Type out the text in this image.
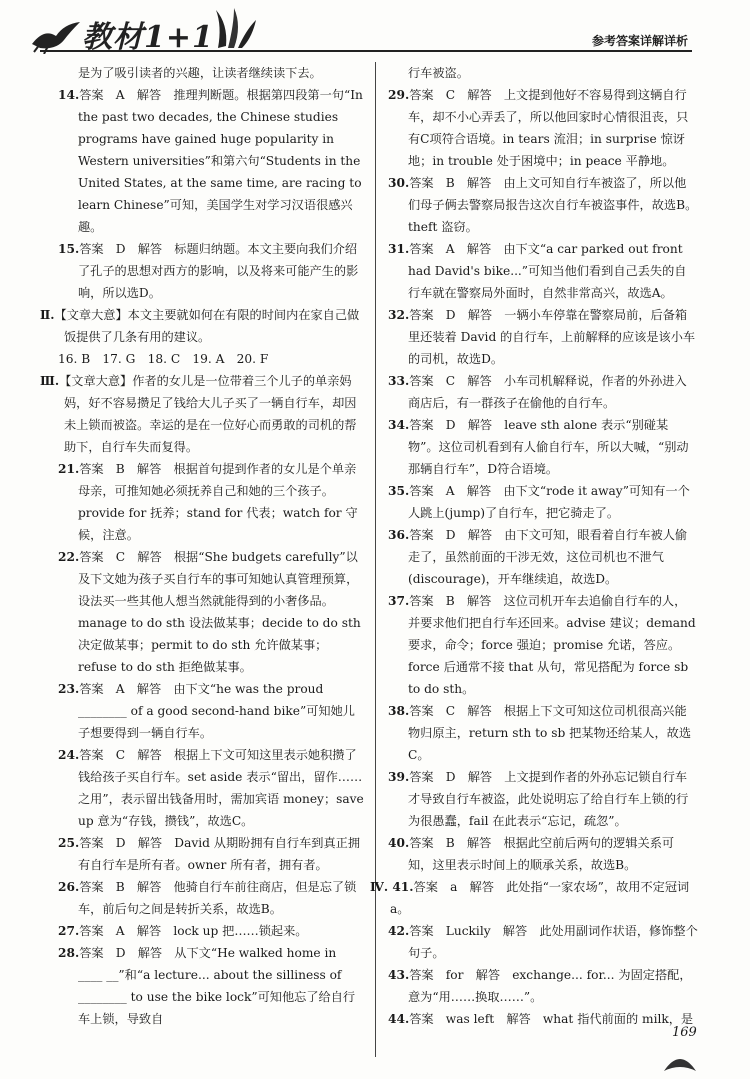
教材1+1	参考答案详解详析

是为了吸引读者的兴趣，让读者继续读下去。

14.答案　A　解答　推理判断题。根据第四段第一句“In the past two decades, the Chinese studies programs have gained huge popularity in Western universities”和第六句“Students in the United States, at the same time, are racing to learn Chinese”可知，美国学生对学习汉语很感兴趣。

15.答案　D　解答　标题归纳题。本文主要向我们介绍了孔子的思想对西方的影响，以及将来可能产生的影响，所以选D。

Ⅱ.【文章大意】本文主要就如何在有限的时间内在家自己做饭提供了几条有用的建议。

16. B　17. G　18. C　19. A　20. F

Ⅲ.【文章大意】作者的女儿是一位带着三个儿子的单亲妈妈，好不容易攒足了钱给大儿子买了一辆自行车，却因未上锁而被盗。幸运的是在一位好心而勇敢的司机的帮助下，自行车失而复得。

21.答案　B　解答　根据首句提到作者的女儿是个单亲母亲，可推知她必须抚养自己和她的三个孩子。provide for 抚养；stand for 代表；watch for 守候，注意。

22.答案　C　解答　根据“She budgets carefully”以及下文她为孩子买自行车的事可知她认真管理预算，设法买一些其他人想当然就能得到的小奢侈品。manage to do sth 设法做某事；decide to do sth 决定做某事；permit to do sth 允许做某事；refuse to do sth 拒绝做某事。

23.答案　A　解答　由下文“he was the proud ________ of a good second-hand bike”可知她儿子想要得到一辆自行车。

24.答案　C　解答　根据上下文可知这里表示她积攒了钱给孩子买自行车。set aside 表示“留出，留作……之用”，表示留出钱备用时，需加宾语 money；save up 意为“存钱，攒钱”，故选C。

25.答案　D　解答　David 从期盼拥有自行车到真正拥有自行车是所有者。owner 所有者，拥有者。

26.答案　B　解答　他骑自行车前往商店，但是忘了锁车，前后句之间是转折关系，故选B。

27.答案　A　解答　lock up 把……锁起来。

28.答案　D　解答　从下文“He walked home in ____ __”和“a lecture... about the silliness of ________ to use the bike lock”可知他忘了给自行车上锁，导致自

行车被盗。

29.答案　C　解答　上文提到他好不容易得到这辆自行车，却不小心弄丢了，所以他回家时心情很沮丧，只有C项符合语境。in tears 流泪；in surprise 惊讶地；in trouble 处于困境中；in peace 平静地。

30.答案　B　解答　由上文可知自行车被盗了，所以他们母子俩去警察局报告这次自行车被盗事件，故选B。theft 盗窃。

31.答案　A　解答　由下文“a car parked out front had David's bike...”可知当他们看到自己丢失的自行车就在警察局外面时，自然非常高兴，故选A。

32.答案　D　解答　一辆小车停靠在警察局前，后备箱里还装着 David 的自行车，上前解释的应该是该小车的司机，故选D。

33.答案　C　解答　小车司机解释说，作者的外孙进入商店后，有一群孩子在偷他的自行车。

34.答案　D　解答　leave sth alone 表示“别碰某物”。这位司机看到有人偷自行车，所以大喊，“别动那辆自行车”，D符合语境。

35.答案　A　解答　由下文“rode it away”可知有一个人跳上(jump)了自行车，把它骑走了。

36.答案　D　解答　由下文可知，眼看着自行车被人偷走了，虽然前面的干涉无效，这位司机也不泄气(discourage)，开车继续追，故选D。

37.答案　B　解答　这位司机开车去追偷自行车的人，并要求他们把自行车还回来。advise 建议；demand 要求，命令；force 强迫；promise 允诺，答应。force 后通常不接 that 从句，常见搭配为 force sb to do sth。

38.答案　C　解答　根据上下文可知这位司机很高兴能物归原主，return sth to sb 把某物还给某人，故选C。

39.答案　D　解答　上文提到作者的外孙忘记锁自行车才导致自行车被盗，此处说明忘了给自行车上锁的行为很愚蠢，fail 在此表示“忘记，疏忽”。

40.答案　B　解答　根据此空前后两句的逻辑关系可知，这里表示时间上的顺承关系，故选B。

Ⅳ. 41.答案　a　解答　此处指“一家农场”，故用不定冠词 a。

42.答案　Luckily　解答　此处用副词作状语，修饰整个句子。

43.答案　for　解答　exchange... for... 为固定搭配，意为“用……换取……”。

44.答案　was left　解答　what 指代前面的 milk，是

169
